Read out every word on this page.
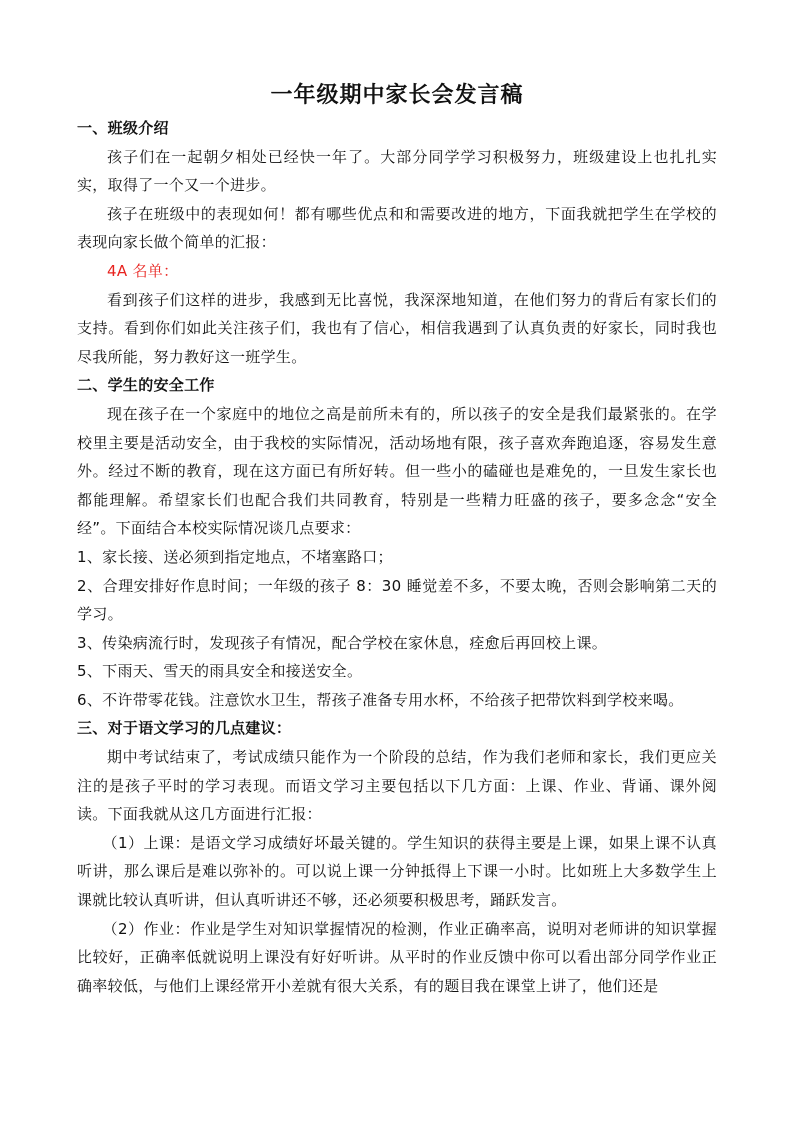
一年级期中家长会发言稿

一、班级介绍

孩子们在一起朝夕相处已经快一年了。大部分同学学习积极努力，班级建设上也扎扎实实，取得了一个又一个进步。

孩子在班级中的表现如何！都有哪些优点和和需要改进的地方，下面我就把学生在学校的表现向家长做个简单的汇报：

4A 名单：

看到孩子们这样的进步，我感到无比喜悦，我深深地知道，在他们努力的背后有家长们的支持。看到你们如此关注孩子们，我也有了信心，相信我遇到了认真负责的好家长，同时我也尽我所能，努力教好这一班学生。

二、学生的安全工作

现在孩子在一个家庭中的地位之高是前所未有的，所以孩子的安全是我们最紧张的。在学校里主要是活动安全，由于我校的实际情况，活动场地有限，孩子喜欢奔跑追逐，容易发生意外。经过不断的教育，现在这方面已有所好转。但一些小的磕碰也是难免的，一旦发生家长也都能理解。希望家长们也配合我们共同教育，特别是一些精力旺盛的孩子，要多念念“安全经”。下面结合本校实际情况谈几点要求：

1、家长接、送必须到指定地点，不堵塞路口；

2、合理安排好作息时间；一年级的孩子 8：30 睡觉差不多，不要太晚，否则会影响第二天的学习。

3、传染病流行时，发现孩子有情况，配合学校在家休息，痊愈后再回校上课。

5、下雨天、雪天的雨具安全和接送安全。

6、不许带零花钱。注意饮水卫生，帮孩子准备专用水杯，不给孩子把带饮料到学校来喝。

三、对于语文学习的几点建议：

期中考试结束了，考试成绩只能作为一个阶段的总结，作为我们老师和家长，我们更应关注的是孩子平时的学习表现。而语文学习主要包括以下几方面：上课、作业、背诵、课外阅读。下面我就从这几方面进行汇报：

（1）上课：是语文学习成绩好坏最关键的。学生知识的获得主要是上课，如果上课不认真听讲，那么课后是难以弥补的。可以说上课一分钟抵得上下课一小时。比如班上大多数学生上课就比较认真听讲，但认真听讲还不够，还必须要积极思考，踊跃发言。

（2）作业：作业是学生对知识掌握情况的检测，作业正确率高，说明对老师讲的知识掌握比较好，正确率低就说明上课没有好好听讲。从平时的作业反馈中你可以看出部分同学作业正确率较低，与他们上课经常开小差就有很大关系，有的题目我在课堂上讲了，他们还是
